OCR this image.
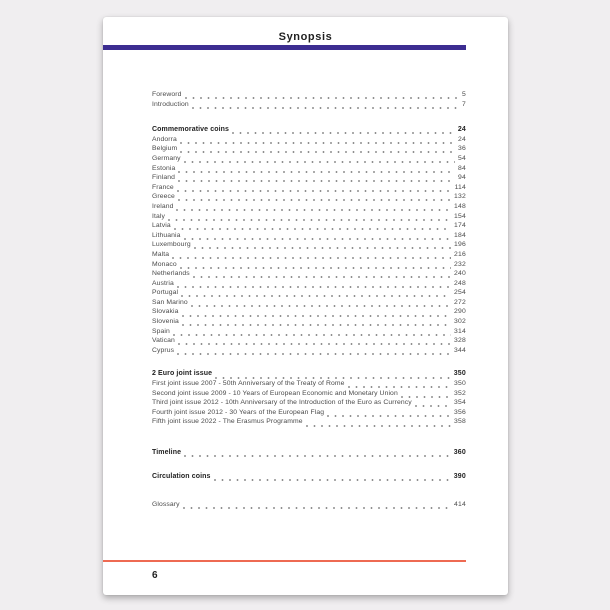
Synopsis
Foreword	5
Introduction	7
Commemorative coins	24
Andorra	24
Belgium	36
Germany	54
Estonia	84
Finland	94
France	114
Greece	132
Ireland	148
Italy	154
Latvia	174
Lithuania	184
Luxembourg	196
Malta	216
Monaco	232
Netherlands	240
Austria	248
Portugal	254
San Marino	272
Slovakia	290
Slovenia	302
Spain	314
Vatican	328
Cyprus	344
2 Euro joint issue	350
First joint issue 2007 - 50th Anniversary of the Treaty of Rome	350
Second joint issue 2009 - 10 Years of European Economic and Monetary Union	352
Third joint issue 2012 - 10th Anniversary of the Introduction of the Euro as Currency	354
Fourth joint issue 2012 - 30 Years of the European Flag	356
Fifth joint issue 2022 - The Erasmus Programme	358
Timeline	360
Circulation coins	390
Glossary	414
6
